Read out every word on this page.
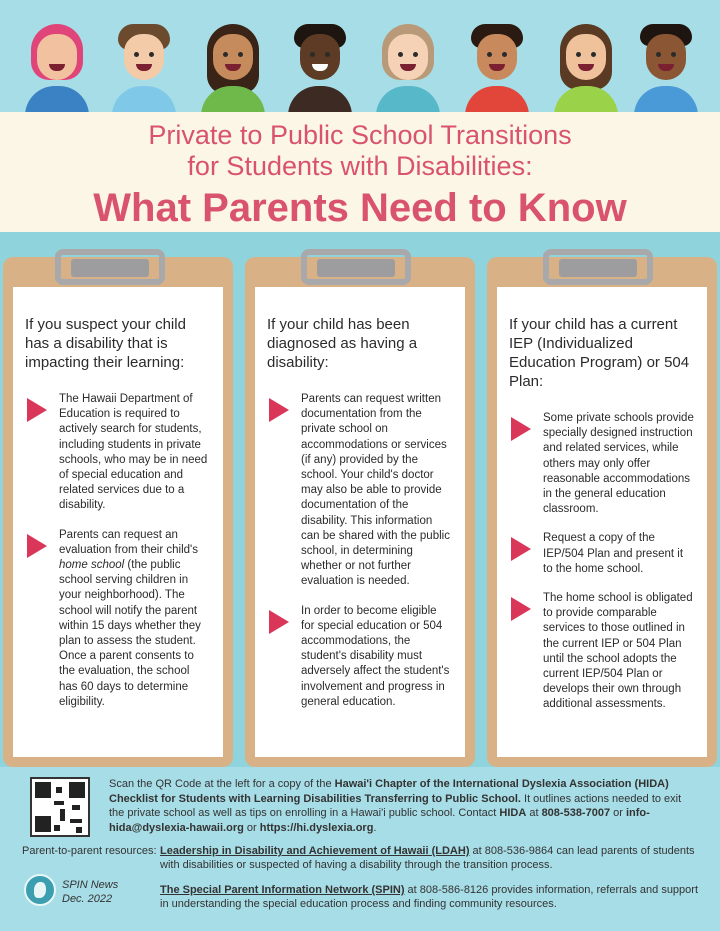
Private to Public School Transitions
for Students with Disabilities:
What Parents Need to Know
If you suspect your child has a disability that is impacting their learning:
The Hawaii Department of Education is required to actively search for students, including students in private schools, who may be in need of special education and related services due to a disability.
Parents can request an evaluation from their child's home school (the public school serving children in your neighborhood). The school will notify the parent within 15 days whether they plan to assess the student. Once a parent consents to the evaluation, the school has 60 days to determine eligibility.
If your child has been diagnosed as having a disability:
Parents can request written documentation from the private school on accommodations or services (if any) provided by the school. Your child's doctor may also be able to provide documentation of the disability. This information can be shared with the public school, in determining whether or not further evaluation is needed.
In order to become eligible for special education or 504 accommodations, the student's disability must adversely affect the student's involvement and progress in general education.
If your child has a current IEP (Individualized Education Program) or 504 Plan:
Some private schools provide specially designed instruction and related services, while others may only offer reasonable accommodations in the general education classroom.
Request a copy of the IEP/504 Plan and present it to the home school.
The home school is obligated to provide comparable services to those outlined in the current IEP or 504 Plan until the school adopts the current IEP/504 Plan or develops their own through additional assessments.
Scan the QR Code at the left for a copy of the Hawai'i Chapter of the International Dyslexia Association (HIDA) Checklist for Students with Learning Disabilities Transferring to Public School. It outlines actions needed to exit the private school as well as tips on enrolling in a Hawai'i public school. Contact HIDA at 808-538-7007 or info-hida@dyslexia-hawaii.org or https://hi.dyslexia.org.
Parent-to-parent resources: Leadership in Disability and Achievement of Hawaii (LDAH) at 808-536-9864 can lead parents of students with disabilities or suspected of having a disability through the transition process.
SPIN News
Dec. 2022
The Special Parent Information Network (SPIN) at 808-586-8126 provides information, referrals and support in understanding the special education process and finding community resources.
